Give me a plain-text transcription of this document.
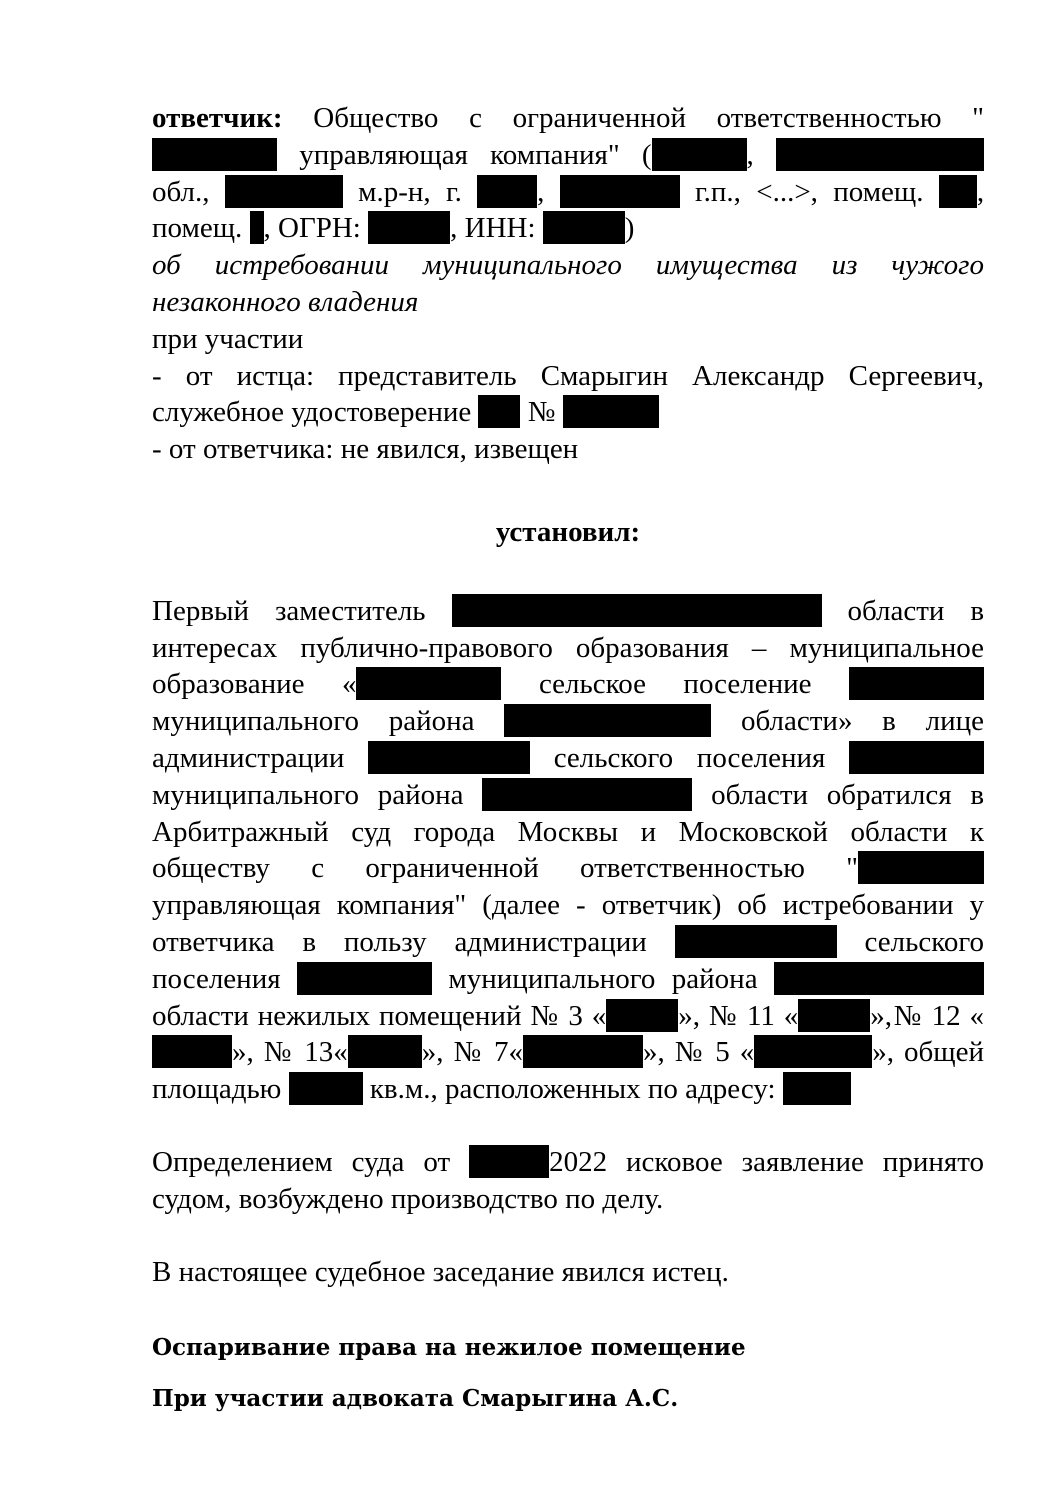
ответчик: Общество с ограниченной ответственностью " управляющая компания" (	,  обл.,	м.р-н, г.	,	г.п., <...>, помещ. , помещ. , ОГРН:	, ИНН:	)

об истребовании муниципального имущества из чужого незаконного владения

при участии

- от истца: представитель Смарыгин Александр Сергеевич, служебное удостоверение №

- от ответчика: не явился, извещен

установил:

Первый заместитель	области в интересах публично-правового образования – муниципальное образование «	сельское поселение  муниципального района	области» в лице администрации	сельского поселения  муниципального района	области обратился в Арбитражный суд города Москвы и Московской области к обществу с ограниченной ответственностью " управляющая компания" (далее - ответчик) об истребовании у ответчика в пользу администрации	сельского поселения	муниципального района  области нежилых помещений № 3 « », № 11 « »,№ 12 «», № 13«	», № 7«	», № 5 «	», общей площадью	кв.м., расположенных по адресу:

Определением суда от	2022 исковое заявление принято судом, возбуждено производство по делу.

В настоящее судебное заседание явился истец.

Оспаривание права на нежилое помещение

При участии адвоката Смарыгина А.С.
